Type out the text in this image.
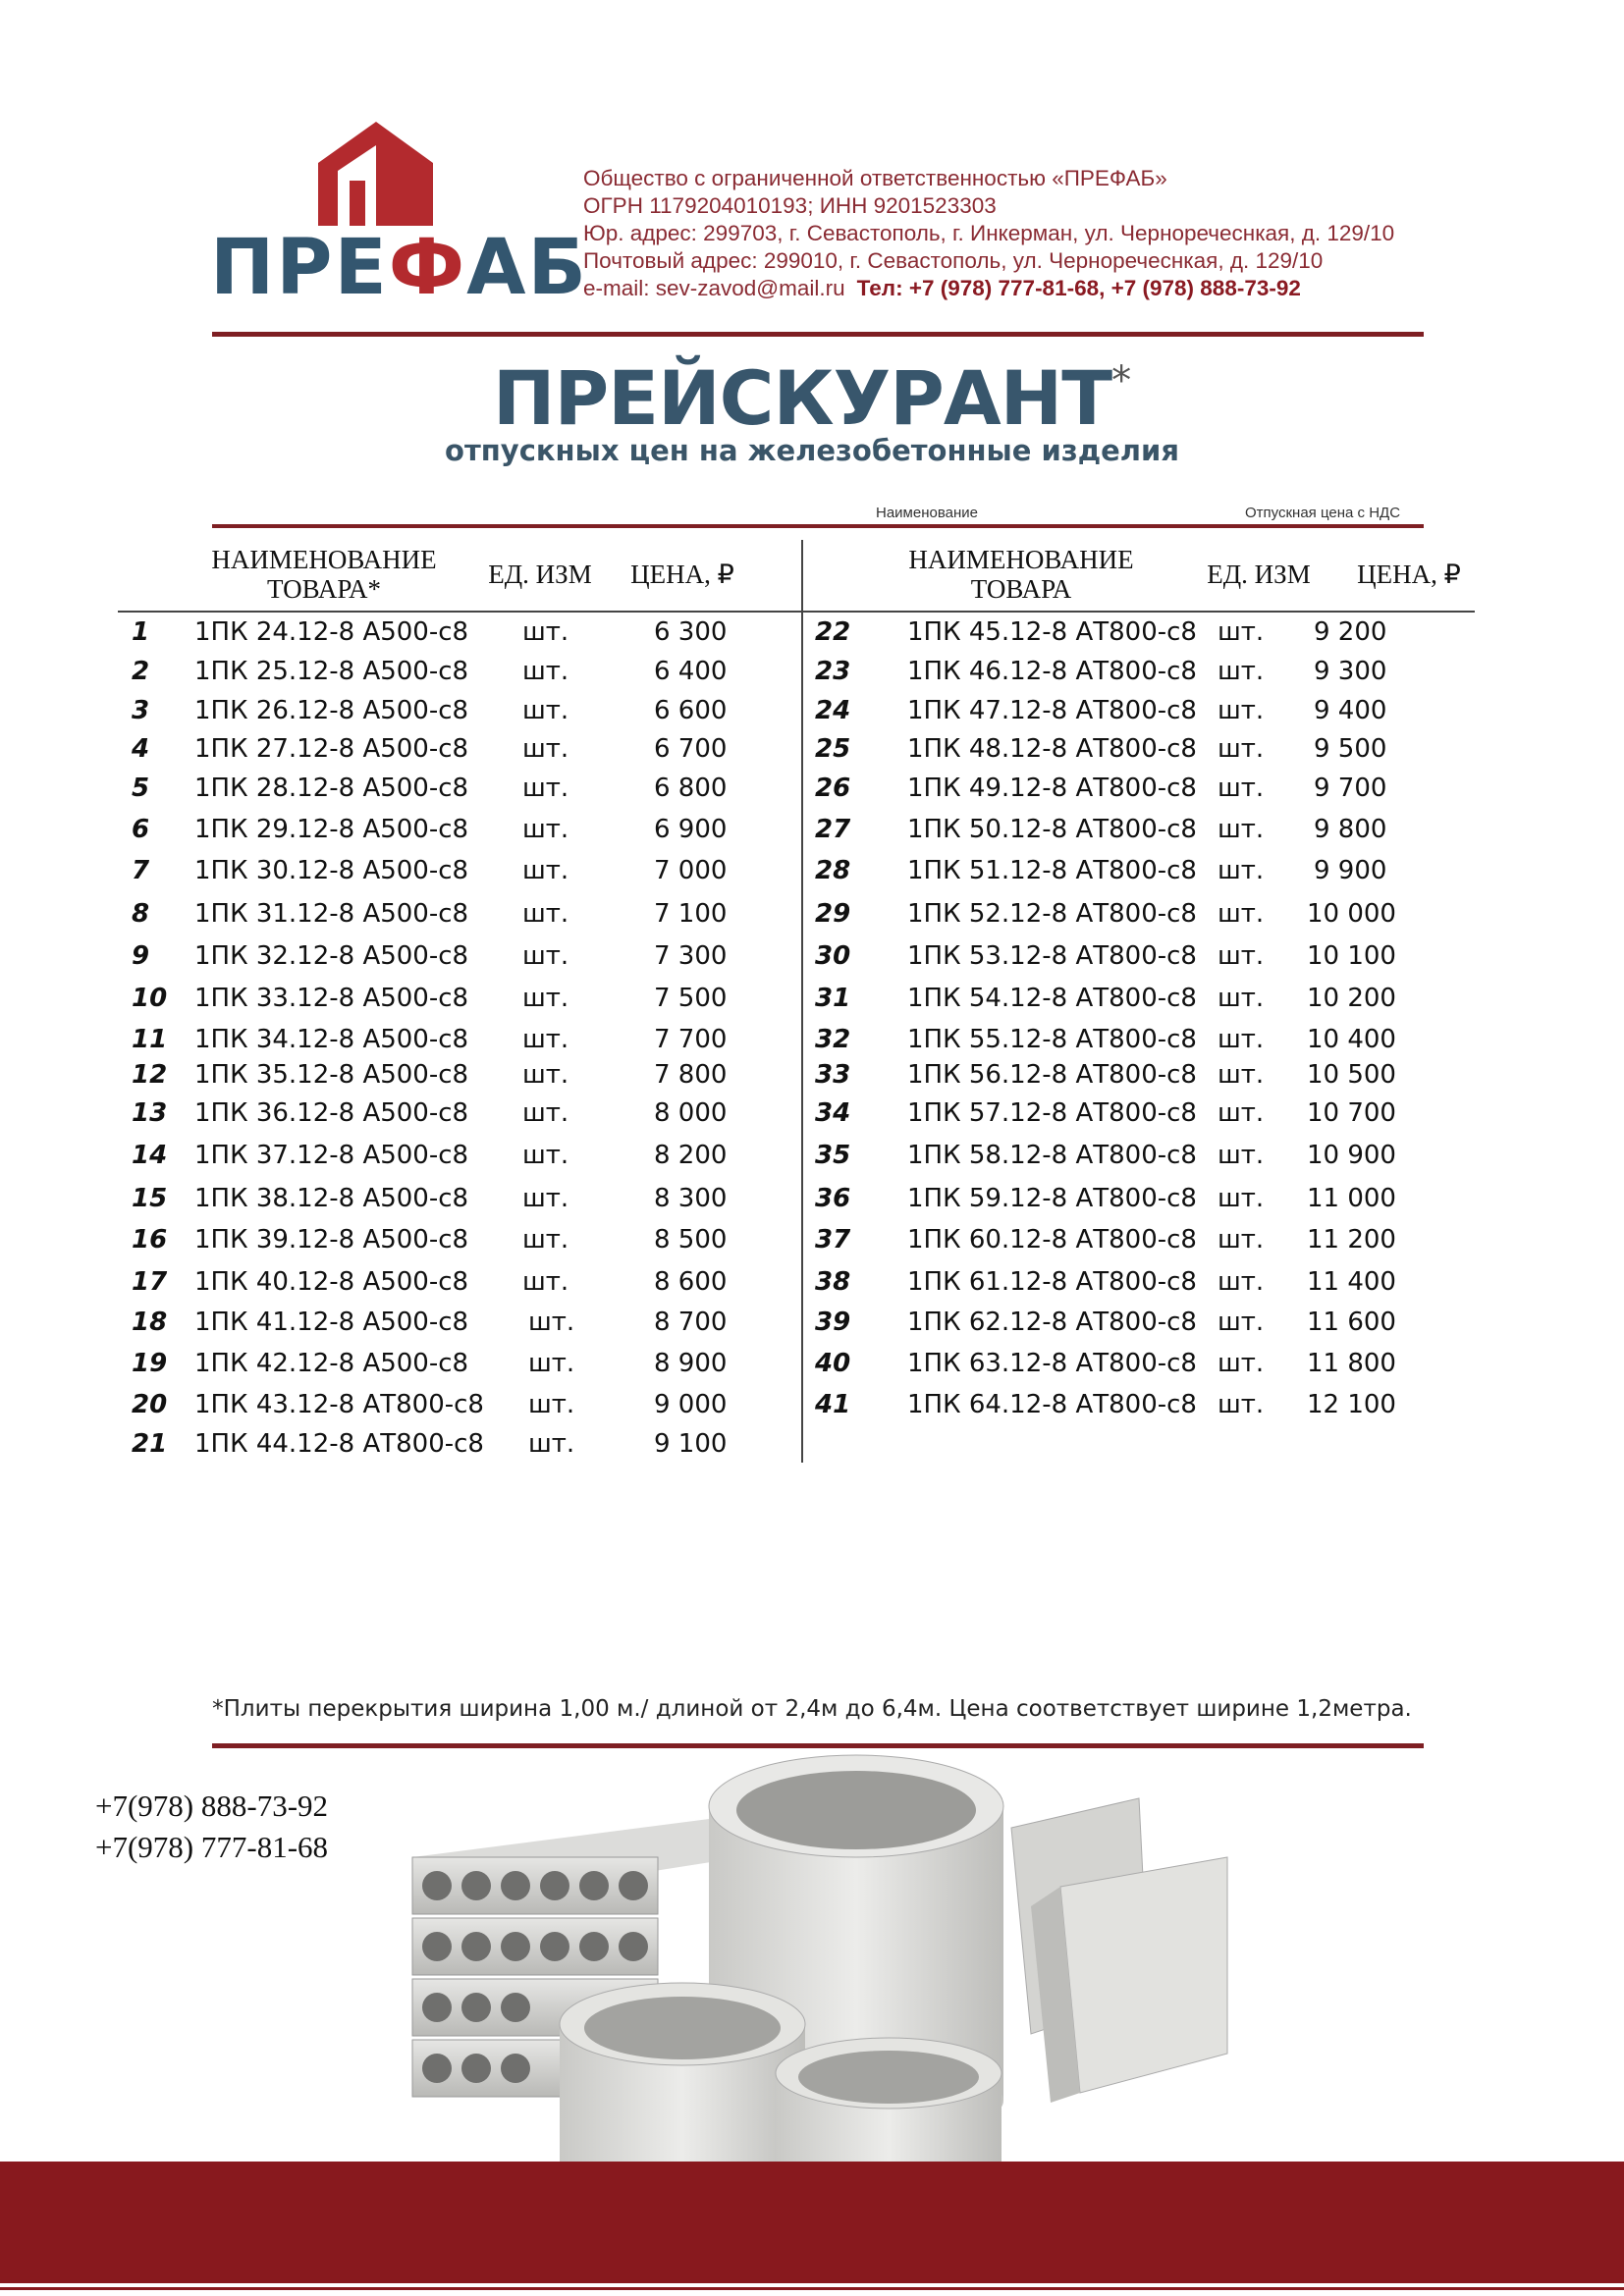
ПРЕФАБ
Общество с ограниченной ответственностью «ПРЕФАБ»
ОГРН 1179204010193; ИНН 9201523303
Юр. адрес: 299703, г. Севастополь, г. Инкерман, ул. Черноречеснкая, д. 129/10
Почтовый адрес: 299010, г. Севастополь, ул. Черноречеснкая, д. 129/10
e-mail: sev-zavod@mail.ru Тел: +7 (978) 777-81-68, +7 (978) 888-73-92
ПРЕЙСКУРАНТ*
отпускных цен на железобетонные изделия
Наименование	Отпускная цена с НДС
НАИМЕНОВАНИЕ
ТОВАРА*	ЕД. ИЗМ	ЦЕНА, ₽	НАИМЕНОВАНИЕ
ТОВАРА	ЕД. ИЗМ	ЦЕНА, ₽
1 1ПК 24.12-8 А500-с8 шт.	6 300
2 1ПК 25.12-8 А500-с8 шт.	6 400
3 1ПК 26.12-8 А500-с8 шт.	6 600
4 1ПК 27.12-8 А500-с8 шт.	6 700
5 1ПК 28.12-8 А500-с8 шт.	6 800
6 1ПК 29.12-8 А500-с8 шт.	6 900
7 1ПК 30.12-8 А500-с8 шт.	7 000
8 1ПК 31.12-8 А500-с8 шт.	7 100
9 1ПК 32.12-8 А500-с8 шт.	7 300
10 1ПК 33.12-8 А500-с8 шт.	7 500
11 1ПК 34.12-8 А500-с8 шт.	7 700
12 1ПК 35.12-8 А500-с8 шт.	7 800
13 1ПК 36.12-8 А500-с8 шт.	8 000
14 1ПК 37.12-8 А500-с8 шт.	8 200
15 1ПК 38.12-8 А500-с8 шт.	8 300
16 1ПК 39.12-8 А500-с8 шт.	8 500
17 1ПК 40.12-8 А500-с8 шт.	8 600
18 1ПК 41.12-8 А500-с8 шт.	8 700
19 1ПК 42.12-8 А500-с8 шт.	8 900
20 1ПК 43.12-8 АТ800-с8 шт.	9 000
21 1ПК 44.12-8 АТ800-с8 шт.	9 100
22 1ПК 45.12-8 АТ800-с8 шт. 9 200
23 1ПК 46.12-8 АТ800-с8 шт. 9 300
24 1ПК 47.12-8 АТ800-с8 шт. 9 400
25 1ПК 48.12-8 АТ800-с8 шт. 9 500
26 1ПК 49.12-8 АТ800-с8 шт. 9 700
27 1ПК 50.12-8 АТ800-с8 шт. 9 800
28 1ПК 51.12-8 АТ800-с8 шт. 9 900
29 1ПК 52.12-8 АТ800-с8 шт. 10 000
30 1ПК 53.12-8 АТ800-с8 шт. 10 100
31 1ПК 54.12-8 АТ800-с8 шт. 10 200
32 1ПК 55.12-8 АТ800-с8 шт. 10 400
33 1ПК 56.12-8 АТ800-с8 шт. 10 500
34 1ПК 57.12-8 АТ800-с8 шт. 10 700
35 1ПК 58.12-8 АТ800-с8 шт. 10 900
36 1ПК 59.12-8 АТ800-с8 шт. 11 000
37 1ПК 60.12-8 АТ800-с8 шт. 11 200
38 1ПК 61.12-8 АТ800-с8 шт. 11 400
39 1ПК 62.12-8 АТ800-с8 шт. 11 600
40 1ПК 63.12-8 АТ800-с8 шт. 11 800
41 1ПК 64.12-8 АТ800-с8 шт. 12 100
*Плиты перекрытия ширина 1,00 м./ длиной от 2,4м до 6,4м. Цена соответствует ширине 1,2метра.
+7(978) 888-73-92
+7(978) 777-81-68
